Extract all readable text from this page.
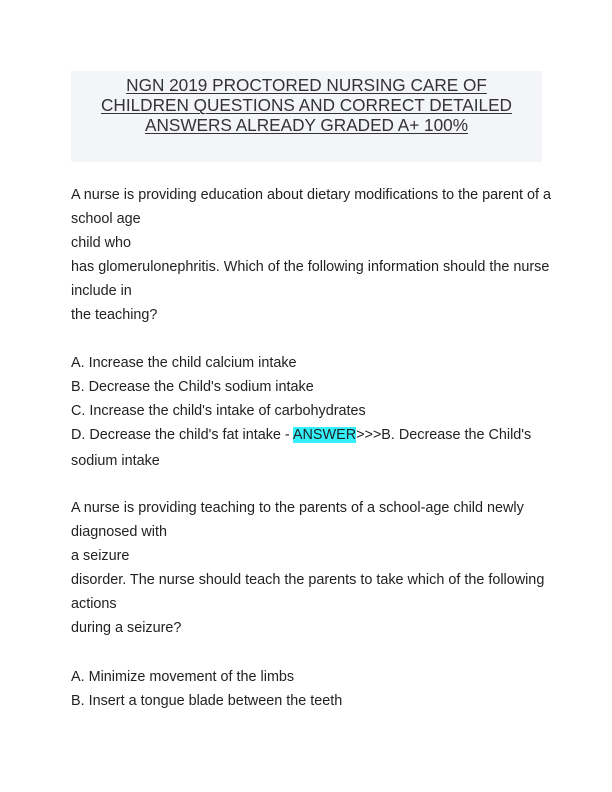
NGN 2019 PROCTORED NURSING CARE OF
CHILDREN QUESTIONS AND CORRECT DETAILED
ANSWERS ALREADY GRADED A+ 100%
A nurse is providing education about dietary modifications to the parent of a
school age
child who
has glomerulonephritis. Which of the following information should the nurse
include in
the teaching?
A. Increase the child calcium intake
B. Decrease the Child's sodium intake
C. Increase the child's intake of carbohydrates
D. Decrease the child's fat intake - ANSWER>>>B. Decrease the Child's
sodium intake
A nurse is providing teaching to the parents of a school-age child newly
diagnosed with
a seizure
disorder. The nurse should teach the parents to take which of the following
actions
during a seizure?
A. Minimize movement of the limbs
B. Insert a tongue blade between the teeth
